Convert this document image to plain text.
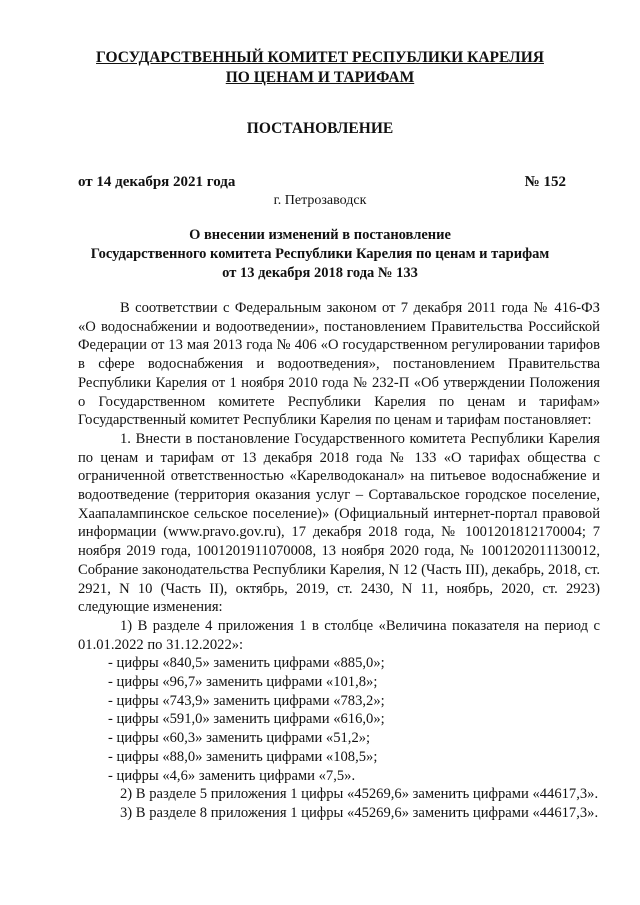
ГОСУДАРСТВЕННЫЙ КОМИТЕТ РЕСПУБЛИКИ КАРЕЛИЯ
ПО ЦЕНАМ И ТАРИФАМ
ПОСТАНОВЛЕНИЕ
от 14 декабря 2021 года	№ 152
г. Петрозаводск
О внесении изменений в постановление
Государственного комитета Республики Карелия по ценам и тарифам
от 13 декабря 2018 года № 133

В соответствии с Федеральным законом от 7 декабря 2011 года № 416-ФЗ «О водоснабжении и водоотведении», постановлением Правительства Российской Федерации от 13 мая 2013 года № 406 «О государственном регулировании тарифов в сфере водоснабжения и водоотведения», постановлением Правительства Республики Карелия от 1 ноября 2010 года № 232-П «Об утверждении Положения о Государственном комитете Республики Карелия по ценам и тарифам» Государственный комитет Республики Карелия по ценам и тарифам постановляет:

1. Внести в постановление Государственного комитета Республики Карелия по ценам и тарифам от 13 декабря 2018 года № 133 «О тарифах общества с ограниченной ответственностью «Карелводоканал» на питьевое водоснабжение и водоотведение (территория оказания услуг – Сортавальское городское поселение, Хаапалампинское сельское поселение)» (Официальный интернет-портал правовой информации (www.pravo.gov.ru), 17 декабря 2018 года, № 1001201812170004; 7 ноября 2019 года, 1001201911070008, 13 ноября 2020 года, № 1001202011130012, Собрание законодательства Республики Карелия, N 12 (Часть III), декабрь, 2018, ст. 2921, N 10 (Часть II), октябрь, 2019, ст. 2430, N 11, ноябрь, 2020, ст. 2923) следующие изменения:

1) В разделе 4 приложения 1 в столбце «Величина показателя на период с 01.01.2022 по 31.12.2022»:

- цифры «840,5» заменить цифрами «885,0»;

- цифры «96,7» заменить цифрами «101,8»;

- цифры «743,9» заменить цифрами «783,2»;

- цифры «591,0» заменить цифрами «616,0»;

- цифры «60,3» заменить цифрами «51,2»;

- цифры «88,0» заменить цифрами «108,5»;

- цифры «4,6» заменить цифрами «7,5».

2) В разделе 5 приложения 1 цифры «45269,6» заменить цифрами «44617,3».

3) В разделе 8 приложения 1 цифры «45269,6» заменить цифрами «44617,3».
